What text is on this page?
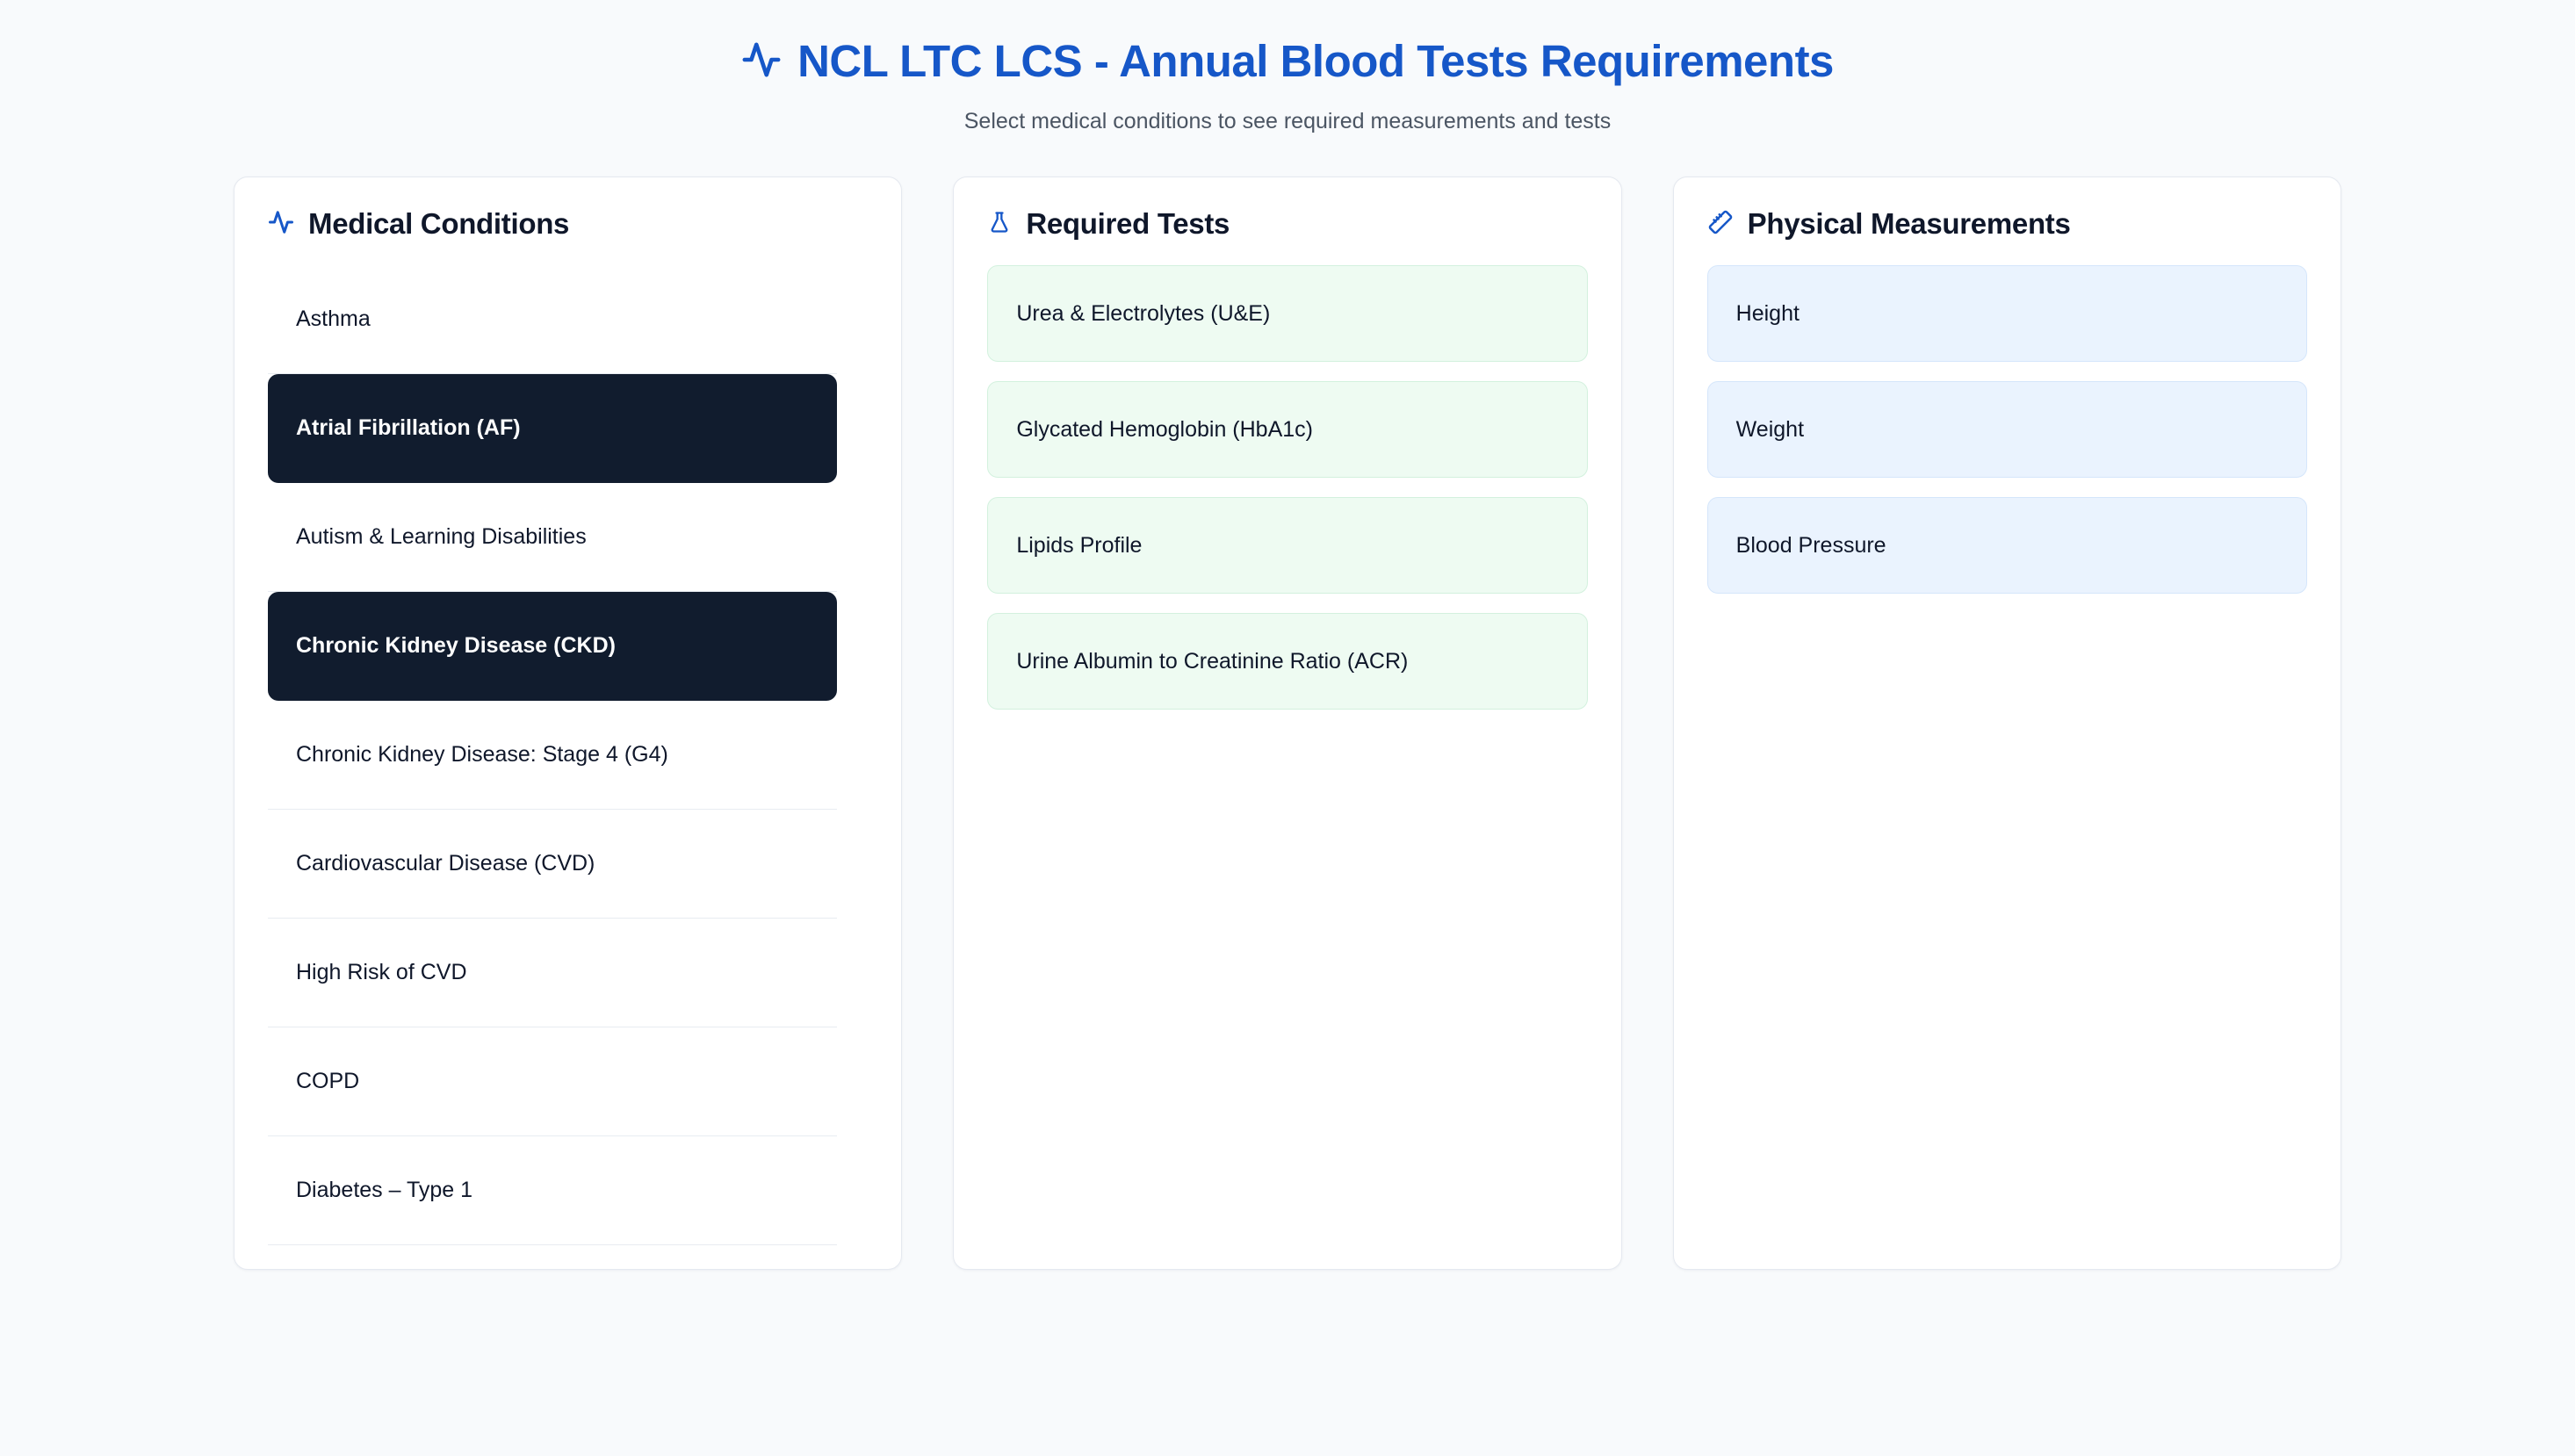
NCL LTC LCS - Annual Blood Tests Requirements
Select medical conditions to see required measurements and tests
Medical Conditions
Asthma
Atrial Fibrillation (AF)
Autism & Learning Disabilities
Chronic Kidney Disease (CKD)
Chronic Kidney Disease: Stage 4 (G4)
Cardiovascular Disease (CVD)
High Risk of CVD
COPD
Diabetes – Type 1
Required Tests
Urea & Electrolytes (U&E)
Glycated Hemoglobin (HbA1c)
Lipids Profile
Urine Albumin to Creatinine Ratio (ACR)
Physical Measurements
Height
Weight
Blood Pressure
